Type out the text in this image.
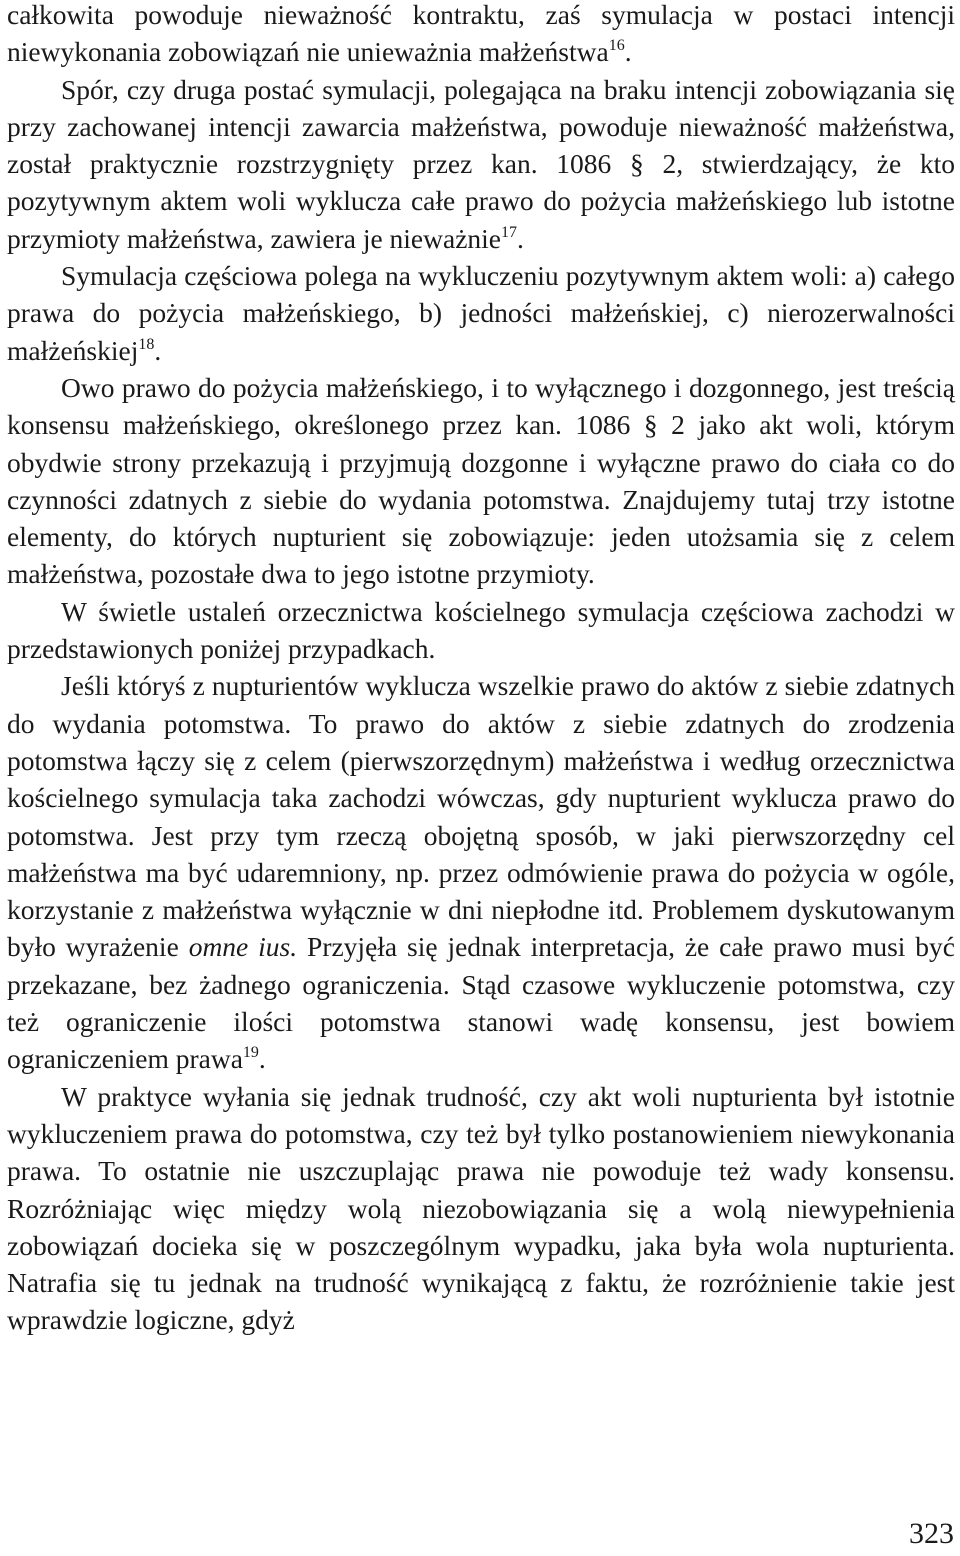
całkowita powoduje nieważność kontraktu, zaś symulacja w postaci intencji niewykonania zobowiązań nie unieważnia małżeństwa$^{16}$.

Spór, czy druga postać symulacji, polegająca na braku intencji zobowiązania się przy zachowanej intencji zawarcia małżeństwa, powoduje nieważność małżeństwa, został praktycznie rozstrzygnięty przez kan. 1086 § 2, stwierdzający, że kto pozytywnym aktem woli wyklucza całe prawo do pożycia małżeńskiego lub istotne przymioty małżeństwa, zawiera je nieważnie$^{17}$.

Symulacja częściowa polega na wykluczeniu pozytywnym aktem woli: a) całego prawa do pożycia małżeńskiego, b) jedności małżeńskiej, c) nierozerwalności małżeńskiej$^{18}$.

Owo prawo do pożycia małżeńskiego, i to wyłącznego i dozgonnego, jest treścią konsensu małżeńskiego, określonego przez kan. 1086 § 2 jako akt woli, którym obydwie strony przekazują i przyjmują dozgonne i wyłączne prawo do ciała co do czynności zdatnych z siebie do wydania potomstwa. Znajdujemy tutaj trzy istotne elementy, do których nupturient się zobowiązuje: jeden utożsamia się z celem małżeństwa, pozostałe dwa to jego istotne przymioty.

W świetle ustaleń orzecznictwa kościelnego symulacja częściowa zachodzi w przedstawionych poniżej przypadkach.

Jeśli któryś z nupturientów wyklucza wszelkie prawo do aktów z siebie zdatnych do wydania potomstwa. To prawo do aktów z siebie zdatnych do zrodzenia potomstwa łączy się z celem (pierwszorzędnym) małżeństwa i według orzecznictwa kościelnego symulacja taka zachodzi wówczas, gdy nupturient wyklucza prawo do potomstwa. Jest przy tym rzeczą obojętną sposób, w jaki pierwszorzędny cel małżeństwa ma być udaremniony, np. przez odmówienie prawa do pożycia w ogóle, korzystanie z małżeństwa wyłącznie w dni niepłodne itd. Problemem dyskutowanym było wyrażenie omne ius. Przyjęła się jednak interpretacja, że całe prawo musi być przekazane, bez żadnego ograniczenia. Stąd czasowe wykluczenie potomstwa, czy też ograniczenie ilości potomstwa stanowi wadę konsensu, jest bowiem ograniczeniem prawa$^{19}$.

W praktyce wyłania się jednak trudność, czy akt woli nupturienta był istotnie wykluczeniem prawa do potomstwa, czy też był tylko postanowieniem niewykonania prawa. To ostatnie nie uszczuplając prawa nie powoduje też wady konsensu. Rozróżniając więc między wolą niezobowiązania się a wolą niewypełnienia zobowiązań docieka się w poszczególnym wypadku, jaka była wola nupturienta. Natrafia się tu jednak na trudność wynikającą z faktu, że rozróżnienie takie jest wprawdzie logiczne, gdyż

323
